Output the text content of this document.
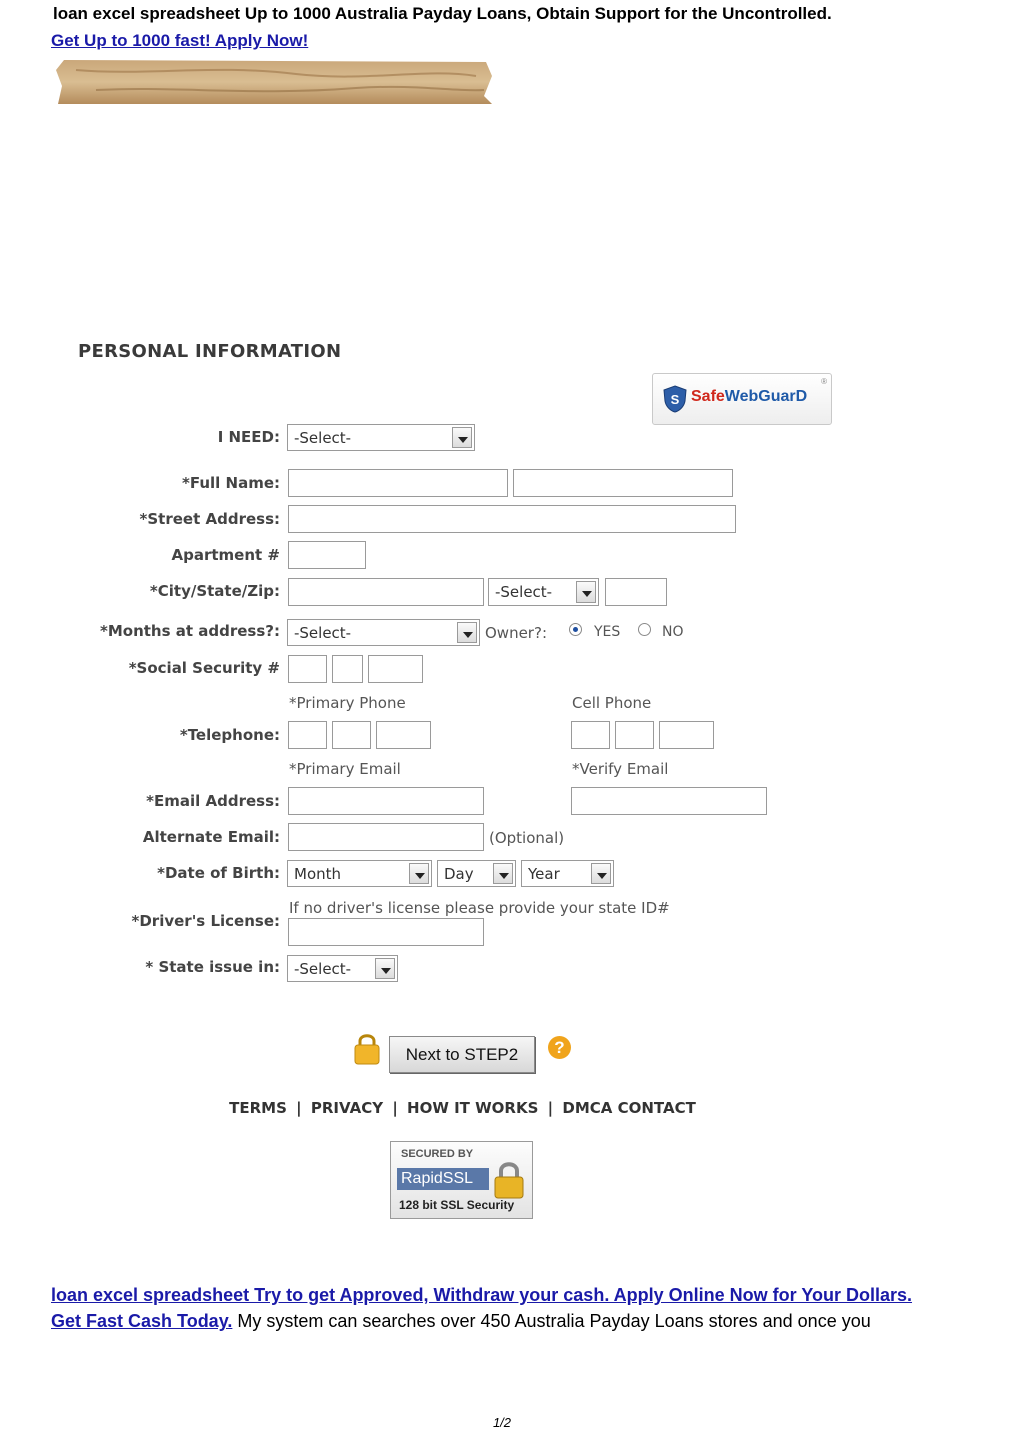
loan excel spreadsheet Up to 1000 Australia Payday Loans, Obtain Support for the Uncontrolled.
Get Up to 1000 fast! Apply Now!
PERSONAL INFORMATION
S SafeWebGuarD
®
I NEED: -Select-
*Full Name:
*Street Address:
Apartment #
*City/State/Zip:	-Select-
*Months at address?: -Select-	Owner?:	YES	NO
*Social Security #
*Primary Phone	Cell Phone
*Telephone:
*Primary Email	*Verify Email
*Email Address:
Alternate Email:	(Optional)
*Date of Birth: Month	Day	Year
If no driver's license please provide your state ID#
*Driver's License:
* State issue in: -Select-
Next to STEP2	?
TERMS | PRIVACY | HOW IT WORKS | DMCA CONTACT
SECURED BY
RapidSSL
128 bit SSL Security
loan excel spreadsheet Try to get Approved, Withdraw your cash. Apply Online Now for Your Dollars.
Get Fast Cash Today. My system can searches over 450 Australia Payday Loans stores and once you
1/2
